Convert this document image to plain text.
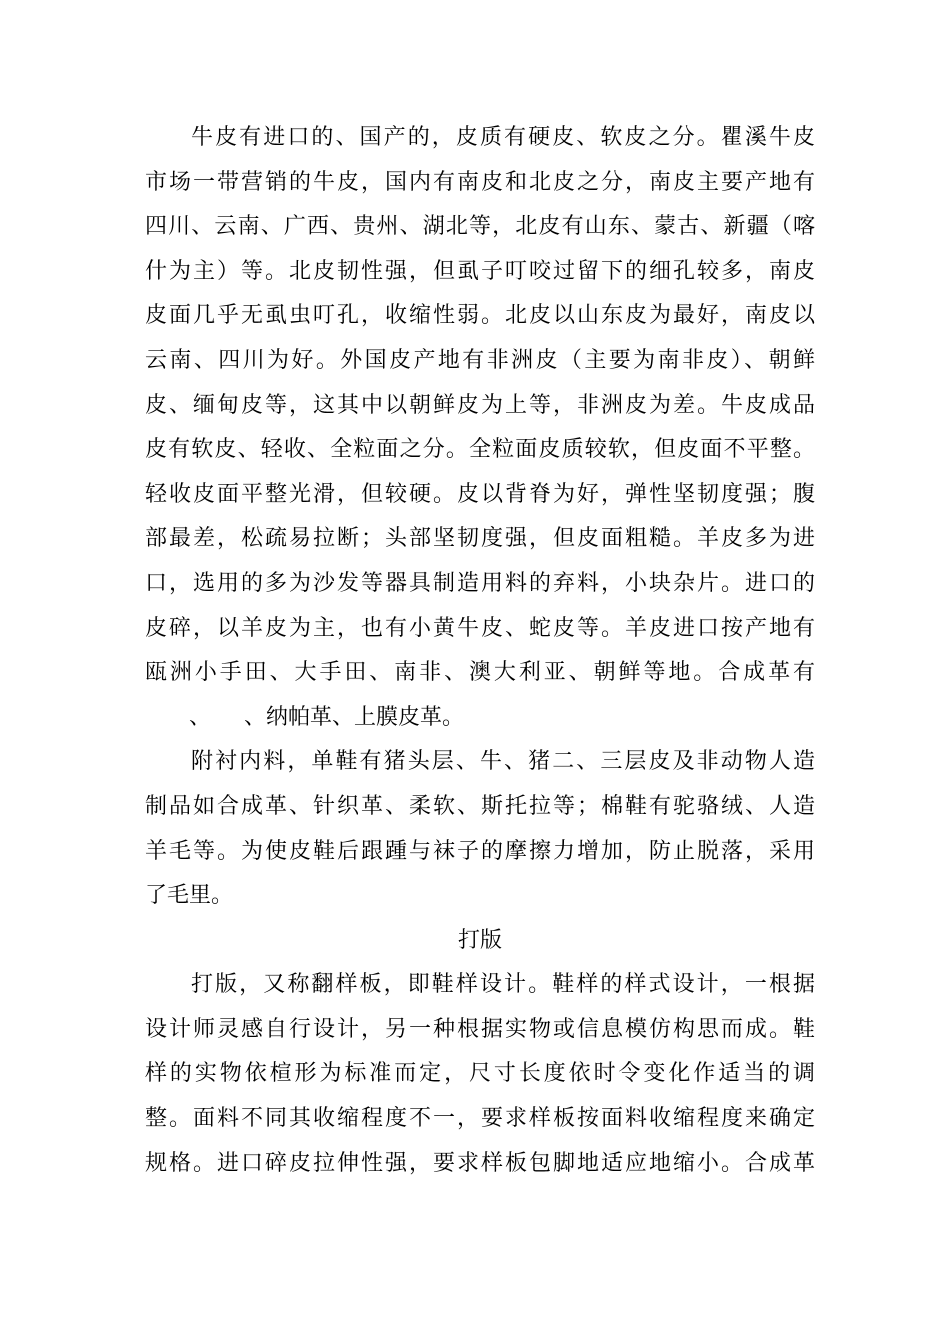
牛皮有进口的、国产的，皮质有硬皮、软皮之分。瞿溪牛皮
市场一带营销的牛皮，国内有南皮和北皮之分，南皮主要产地有
四川、云南、广西、贵州、湖北等，北皮有山东、蒙古、新疆（喀
什为主）等。北皮韧性强，但虱子叮咬过留下的细孔较多，南皮
皮面几乎无虱虫叮孔，收缩性弱。北皮以山东皮为最好，南皮以
云南、四川为好。外国皮产地有非洲皮（主要为南非皮）、朝鲜
皮、缅甸皮等，这其中以朝鲜皮为上等，非洲皮为差。牛皮成品
皮有软皮、轻收、全粒面之分。全粒面皮质较软，但皮面不平整。
轻收皮面平整光滑，但较硬。皮以背脊为好，弹性坚韧度强；腹
部最差，松疏易拉断；头部坚韧度强，但皮面粗糙。羊皮多为进
口，选用的多为沙发等器具制造用料的弃料，小块杂片。进口的
皮碎，以羊皮为主，也有小黄牛皮、蛇皮等。羊皮进口按产地有
瓯洲小手田、大手田、南非、澳大利亚、朝鲜等地。合成革有
　　、　　、纳帕革、上膜皮革。
附衬内料，单鞋有猪头层、牛、猪二、三层皮及非动物人造
制品如合成革、针织革、柔软、斯托拉等；棉鞋有驼骆绒、人造
羊毛等。为使皮鞋后跟踵与袜子的摩擦力增加，防止脱落，采用
了毛里。
打版
打版，又称翻样板，即鞋样设计。鞋样的样式设计，一根据
设计师灵感自行设计，另一种根据实物或信息模仿构思而成。鞋
样的实物依楦形为标准而定，尺寸长度依时令变化作适当的调
整。面料不同其收缩程度不一，要求样板按面料收缩程度来确定
规格。进口碎皮拉伸性强，要求样板包脚地适应地缩小。合成革
